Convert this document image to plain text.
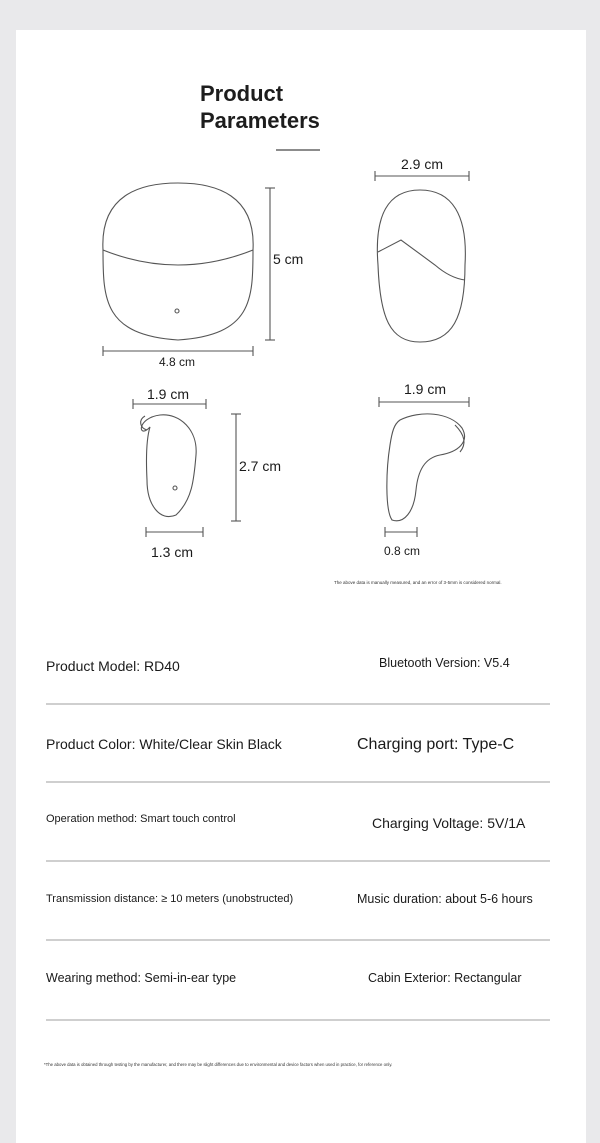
Product
Parameters
4.8 cm
5 cm
2.9 cm
1.9 cm
2.7 cm
1.3 cm
1.9 cm
0.8 cm
The above data is manually measured, and an error of 3-5mm is considered normal.
Product Model: RD40	Bluetooth Version: V5.4
Product Color: White/Clear Skin Black	Charging port: Type-C
Operation method: Smart touch control	Charging Voltage: 5V/1A
Transmission distance: ≥ 10 meters (unobstructed)	Music duration: about 5-6 hours
Wearing method: Semi-in-ear type	Cabin Exterior: Rectangular
*The above data is obtained through testing by the manufacturer, and there may be slight differences due to environmental and device factors when used in practice, for reference only.
